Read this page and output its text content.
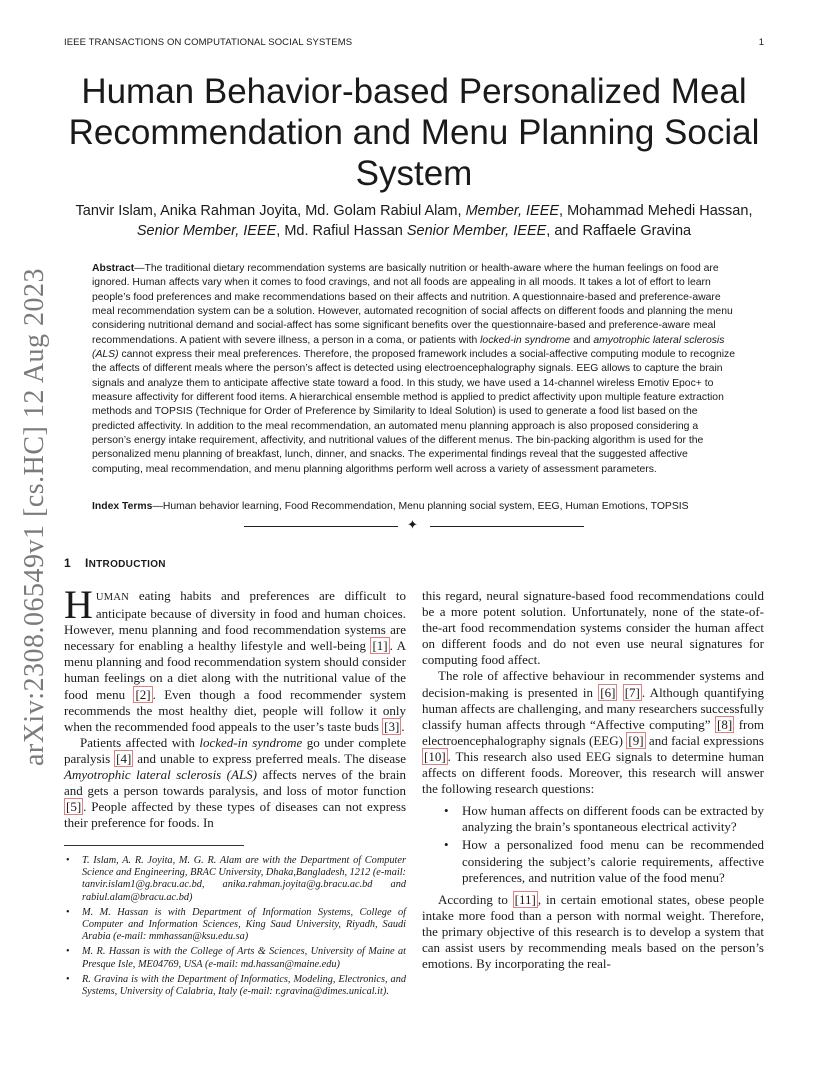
IEEE TRANSACTIONS ON COMPUTATIONAL SOCIAL SYSTEMS	1
arXiv:2308.06549v1 [cs.HC] 12 Aug 2023
Human Behavior-based Personalized Meal Recommendation and Menu Planning Social System
Tanvir Islam, Anika Rahman Joyita, Md. Golam Rabiul Alam, Member, IEEE, Mohammad Mehedi Hassan, Senior Member, IEEE, Md. Rafiul Hassan Senior Member, IEEE, and Raffaele Gravina

Abstract—The traditional dietary recommendation systems are basically nutrition or health-aware where the human feelings on food are ignored. Human affects vary when it comes to food cravings, and not all foods are appealing in all moods. It takes a lot of effort to learn people’s food preferences and make recommendations based on their affects and nutrition. A questionnaire-based and preference-aware meal recommendation system can be a solution. However, automated recognition of social affects on different foods and planning the menu considering nutritional demand and social-affect has some significant benefits over the questionnaire-based and preference-aware meal recommendations. A patient with severe illness, a person in a coma, or patients with locked-in syndrome and amyotrophic lateral sclerosis (ALS) cannot express their meal preferences. Therefore, the proposed framework includes a social-affective computing module to recognize the affects of different meals where the person’s affect is detected using electroencephalography signals. EEG allows to capture the brain signals and analyze them to anticipate affective state toward a food. In this study, we have used a 14-channel wireless Emotiv Epoc+ to measure affectivity for different food items. A hierarchical ensemble method is applied to predict affectivity upon multiple feature extraction methods and TOPSIS (Technique for Order of Preference by Similarity to Ideal Solution) is used to generate a food list based on the predicted affectivity. In addition to the meal recommendation, an automated menu planning approach is also proposed considering a person’s energy intake requirement, affectivity, and nutritional values of the different menus. The bin-packing algorithm is used for the personalized menu planning of breakfast, lunch, dinner, and snacks. The experimental findings reveal that the suggested affective computing, meal recommendation, and menu planning algorithms perform well across a variety of assessment parameters.

Index Terms—Human behavior learning, Food Recommendation, Menu planning social system, EEG, Human Emotions, TOPSIS

✦
1 INTRODUCTION

HUMAN eating habits and preferences are difficult to anticipate because of diversity in food and human choices. However, menu planning and food recommendation systems are necessary for enabling a healthy lifestyle and well-being [1] . A menu planning and food recommendation system should consider human feelings on a diet along with the nutritional value of the food menu [2] . Even though a food recommender system recommends the most healthy diet, people will follow it only when the recommended food appeals to the user’s taste buds [3] .

Patients affected with locked-in syndrome go under complete paralysis [4] and unable to express preferred meals. The disease Amyotrophic lateral sclerosis (ALS) affects nerves of the brain and gets a person towards paralysis, and loss of motor function [5] . People affected by these types of diseases can not express their preference for foods. In

• T. Islam, A. R. Joyita, M. G. R. Alam are with the Department of Computer Science and Engineering, BRAC University, Dhaka,Bangladesh, 1212 (e-mail: tanvir.islam1@g.bracu.ac.bd, anika.rahman.joyita@g.bracu.ac.bd and rabiul.alam@bracu.ac.bd)
• M. M. Hassan is with Department of Information Systems, College of Computer and Information Sciences, King Saud University, Riyadh, Saudi Arabia (e-mail: mmhassan@ksu.edu.sa)
• M. R. Hassan is with the College of Arts & Sciences, University of Maine at Presque Isle, ME04769, USA (e-mail: md.hassan@maine.edu)
• R. Gravina is with the Department of Informatics, Modeling, Electronics, and Systems, University of Calabria, Italy (e-mail: r.gravina@dimes.unical.it).

this regard, neural signature-based food recommendations could be a more potent solution. Unfortunately, none of the state-of-the-art food recommendation systems consider the human affect on different foods and do not even use neural signatures for computing food affect.

The role of affective behaviour in recommender systems and decision-making is presented in [6] [7] . Although quantifying human affects are challenging, and many researchers successfully classify human affects through “Affective computing” [8] from electroencephalography signals (EEG) [9] and facial expressions [10] . This research also used EEG signals to determine human affects on different foods. Moreover, this research will answer the following research questions:

• How human affects on different foods can be extracted by analyzing the brain’s spontaneous electrical activity?
• How a personalized food menu can be recommended considering the subject’s calorie requirements, affective preferences, and nutrition value of the food menu?

According to [11] , in certain emotional states, obese people intake more food than a person with normal weight. Therefore, the primary objective of this research is to develop a system that can assist users by recommending meals based on the person’s emotions. By incorporating the real-
